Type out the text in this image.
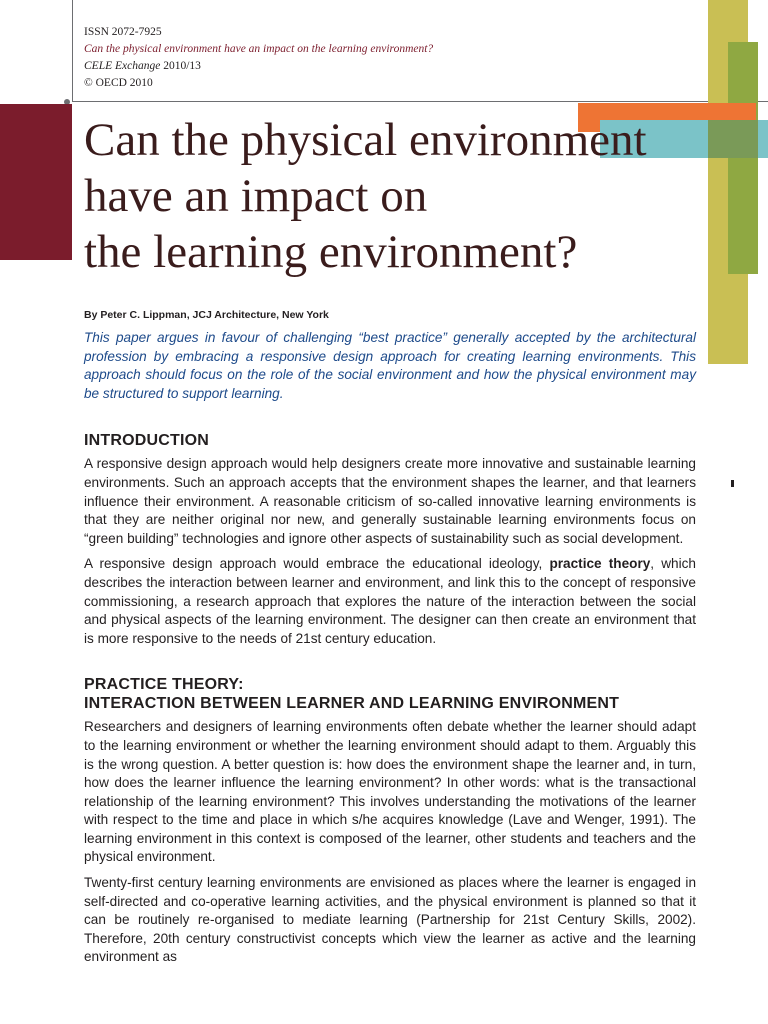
ISSN 2072-7925
Can the physical environment have an impact on the learning environment?
CELE Exchange 2010/13
© OECD 2010
Can the physical environment
have an impact on
the learning environment?

By Peter C. Lippman, JCJ Architecture, New York

This paper argues in favour of challenging “best practice” generally accepted by the architectural profession by embracing a responsive design approach for creating learning environments. This approach should focus on the role of the social environment and how the physical environment may be structured to support learning.

INTRODUCTION

A responsive design approach would help designers create more innovative and sustainable learning environments. Such an approach accepts that the environment shapes the learner, and that learners influence their environment. A reasonable criticism of so-called innovative learning environments is that they are neither original nor new, and generally sustainable learning environments focus on “green building” technologies and ignore other aspects of sustainability such as social development.

A responsive design approach would embrace the educational ideology, practice theory, which describes the interaction between learner and environment, and link this to the concept of responsive commissioning, a research approach that explores the nature of the interaction between the social and physical aspects of the learning environment. The designer can then create an environment that is more responsive to the needs of 21st century education.

PRACTICE THEORY:
INTERACTION BETWEEN LEARNER AND LEARNING ENVIRONMENT

Researchers and designers of learning environments often debate whether the learner should adapt to the learning environment or whether the learning environment should adapt to them. Arguably this is the wrong question. A better question is: how does the environment shape the learner and, in turn, how does the learner influence the learning environment? In other words: what is the transactional relationship of the learning environment? This involves understanding the motivations of the learner with respect to the time and place in which s/he acquires knowledge (Lave and Wenger, 1991). The learning environment in this context is composed of the learner, other students and teachers and the physical environment.

Twenty-first century learning environments are envisioned as places where the learner is engaged in self-directed and co-operative learning activities, and the physical environment is planned so that it can be routinely re-organised to mediate learning (Partnership for 21st Century Skills, 2002). Therefore, 20th century constructivist concepts which view the learner as active and the learning environment as
